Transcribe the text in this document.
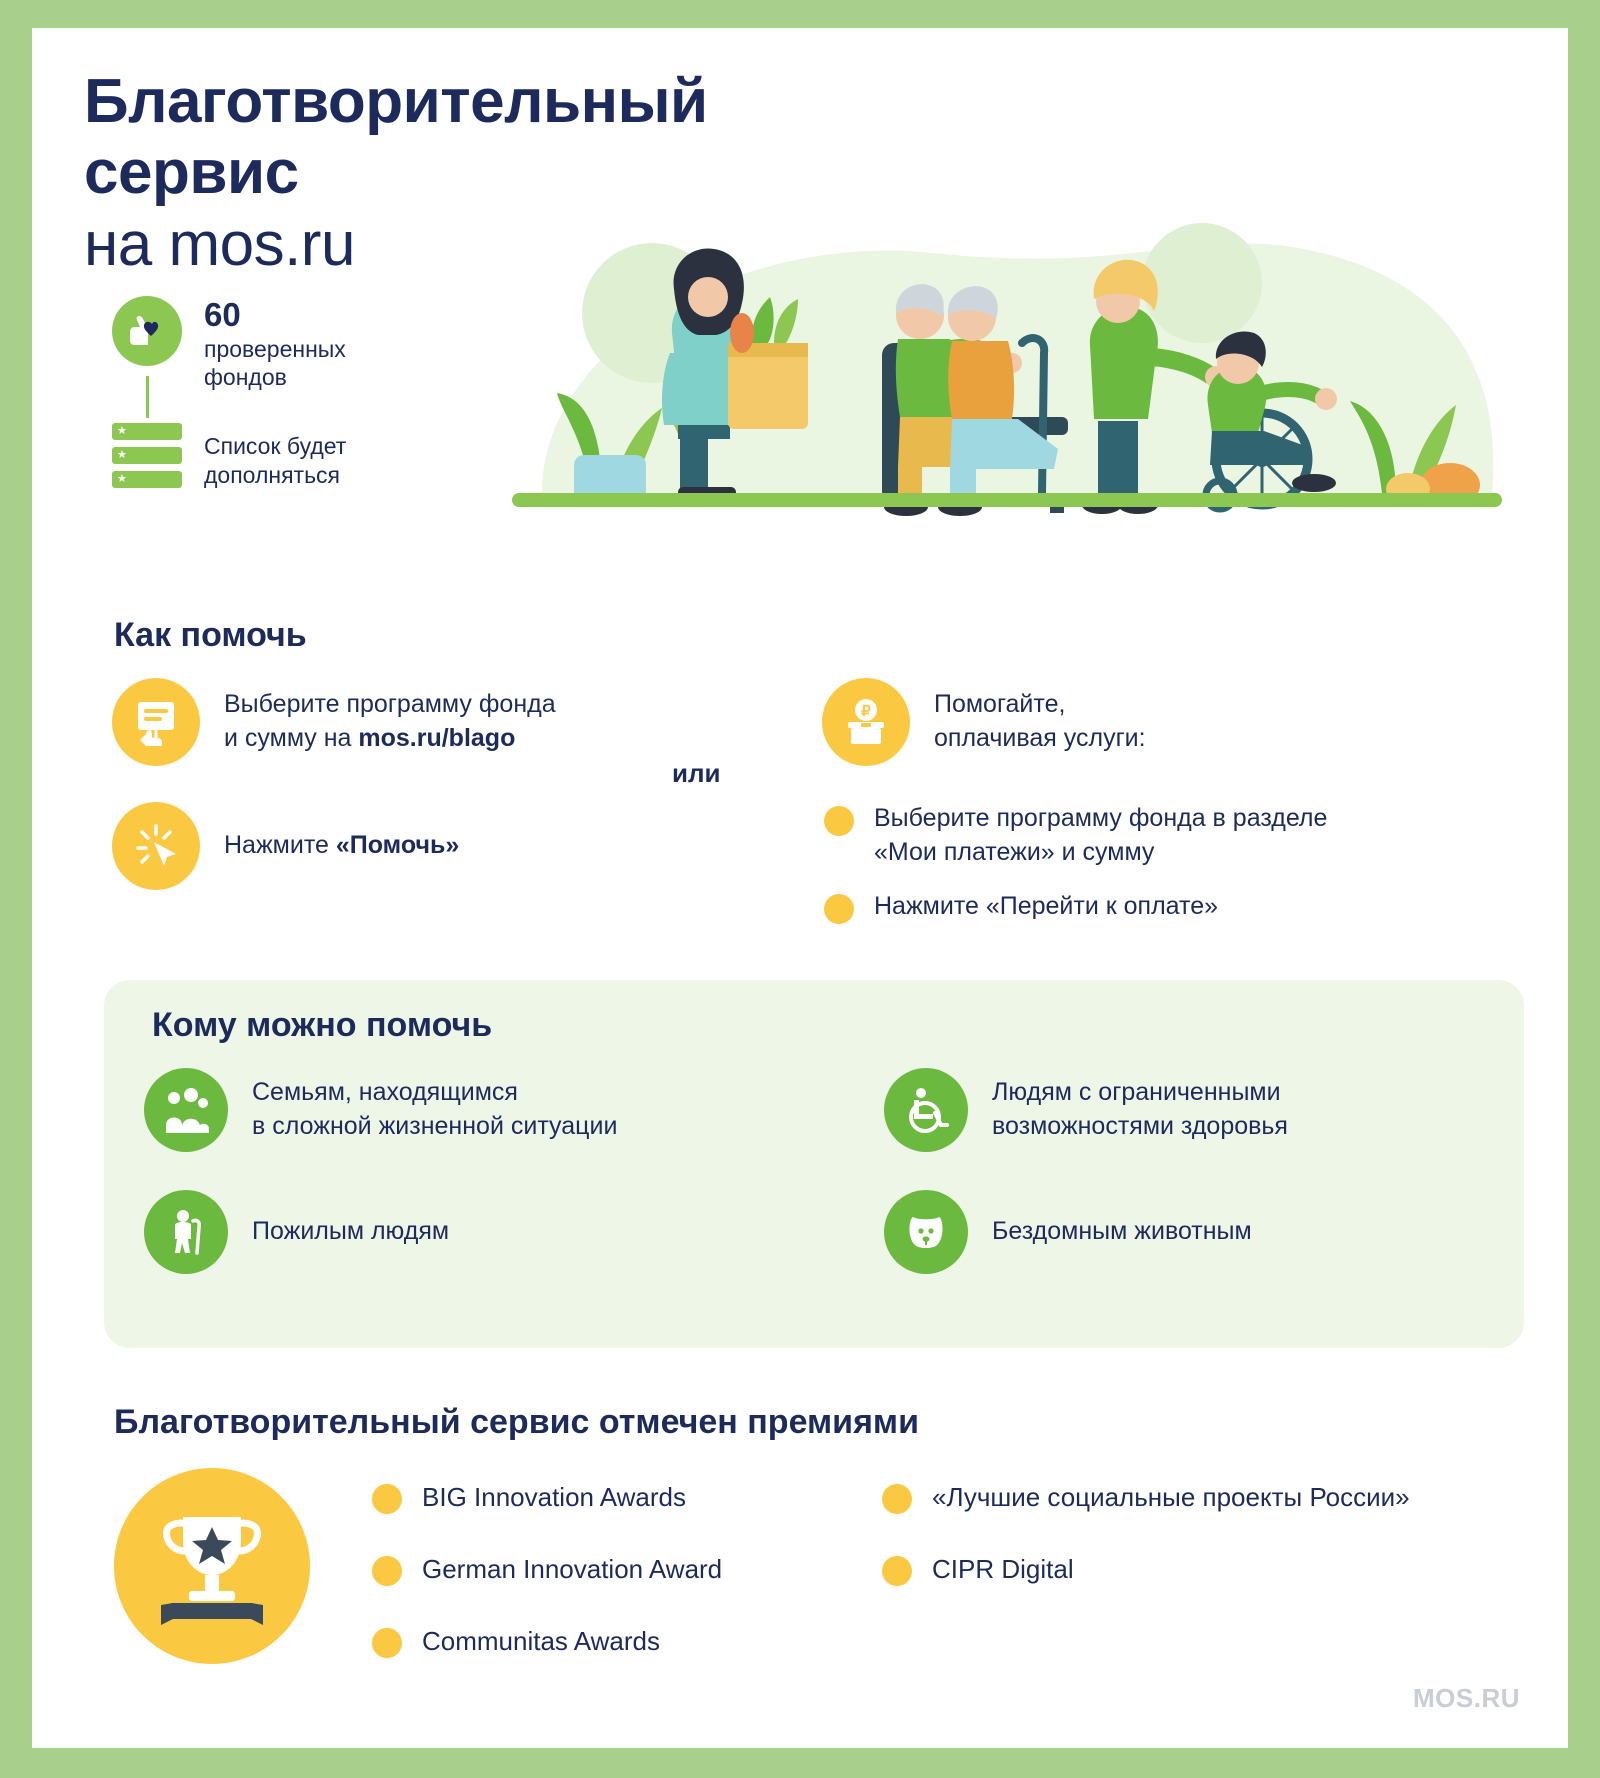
Благотворительный сервис
на mos.ru
60
проверенных
фондов
★
★
★
Список будет
дополняться
Как помочь
Выберите программу фонда
и сумму на mos.ru/blago
Нажмите «Помочь»
или
₽	Помогайте,
оплачивая услуги:
Выберите программу фонда в разделе
«Мои платежи» и сумму
Нажмите «Перейти к оплате»
Кому можно помочь
Семьям, находящимся
в сложной жизненной ситуации
Людям с ограниченными
возможностями здоровья
Пожилым людям	Бездомным животным
Благотворительный сервис отмечен премиями
BIG Innovation Awards
German Innovation Award
Communitas Awards
«Лучшие социальные проекты России»
CIPR Digital
MOS.RU
